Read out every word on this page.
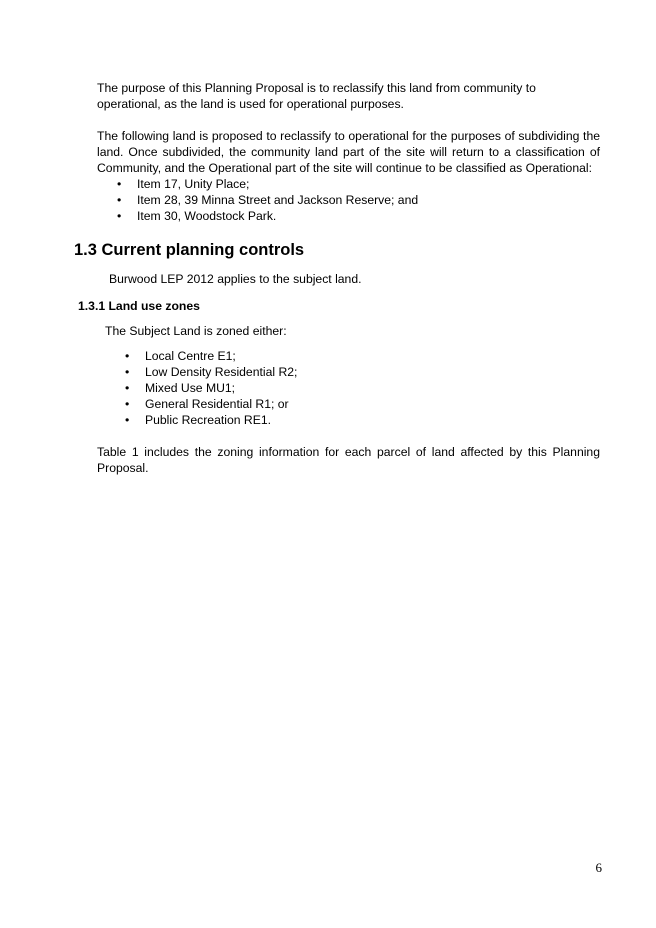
The purpose of this Planning Proposal is to reclassify this land from community to operational, as the land is used for operational purposes.

The following land is proposed to reclassify to operational for the purposes of subdividing the land. Once subdivided, the community land part of the site will return to a classification of Community, and the Operational part of the site will continue to be classified as Operational:

• Item 17, Unity Place;
• Item 28, 39 Minna Street and Jackson Reserve; and
• Item 30, Woodstock Park.
1.3 Current planning controls

Burwood LEP 2012 applies to the subject land.

1.3.1 Land use zones

The Subject Land is zoned either:

• Local Centre E1;
• Low Density Residential R2;
• Mixed Use MU1;
• General Residential R1; or
• Public Recreation RE1.

Table 1 includes the zoning information for each parcel of land affected by this Planning Proposal.

6
